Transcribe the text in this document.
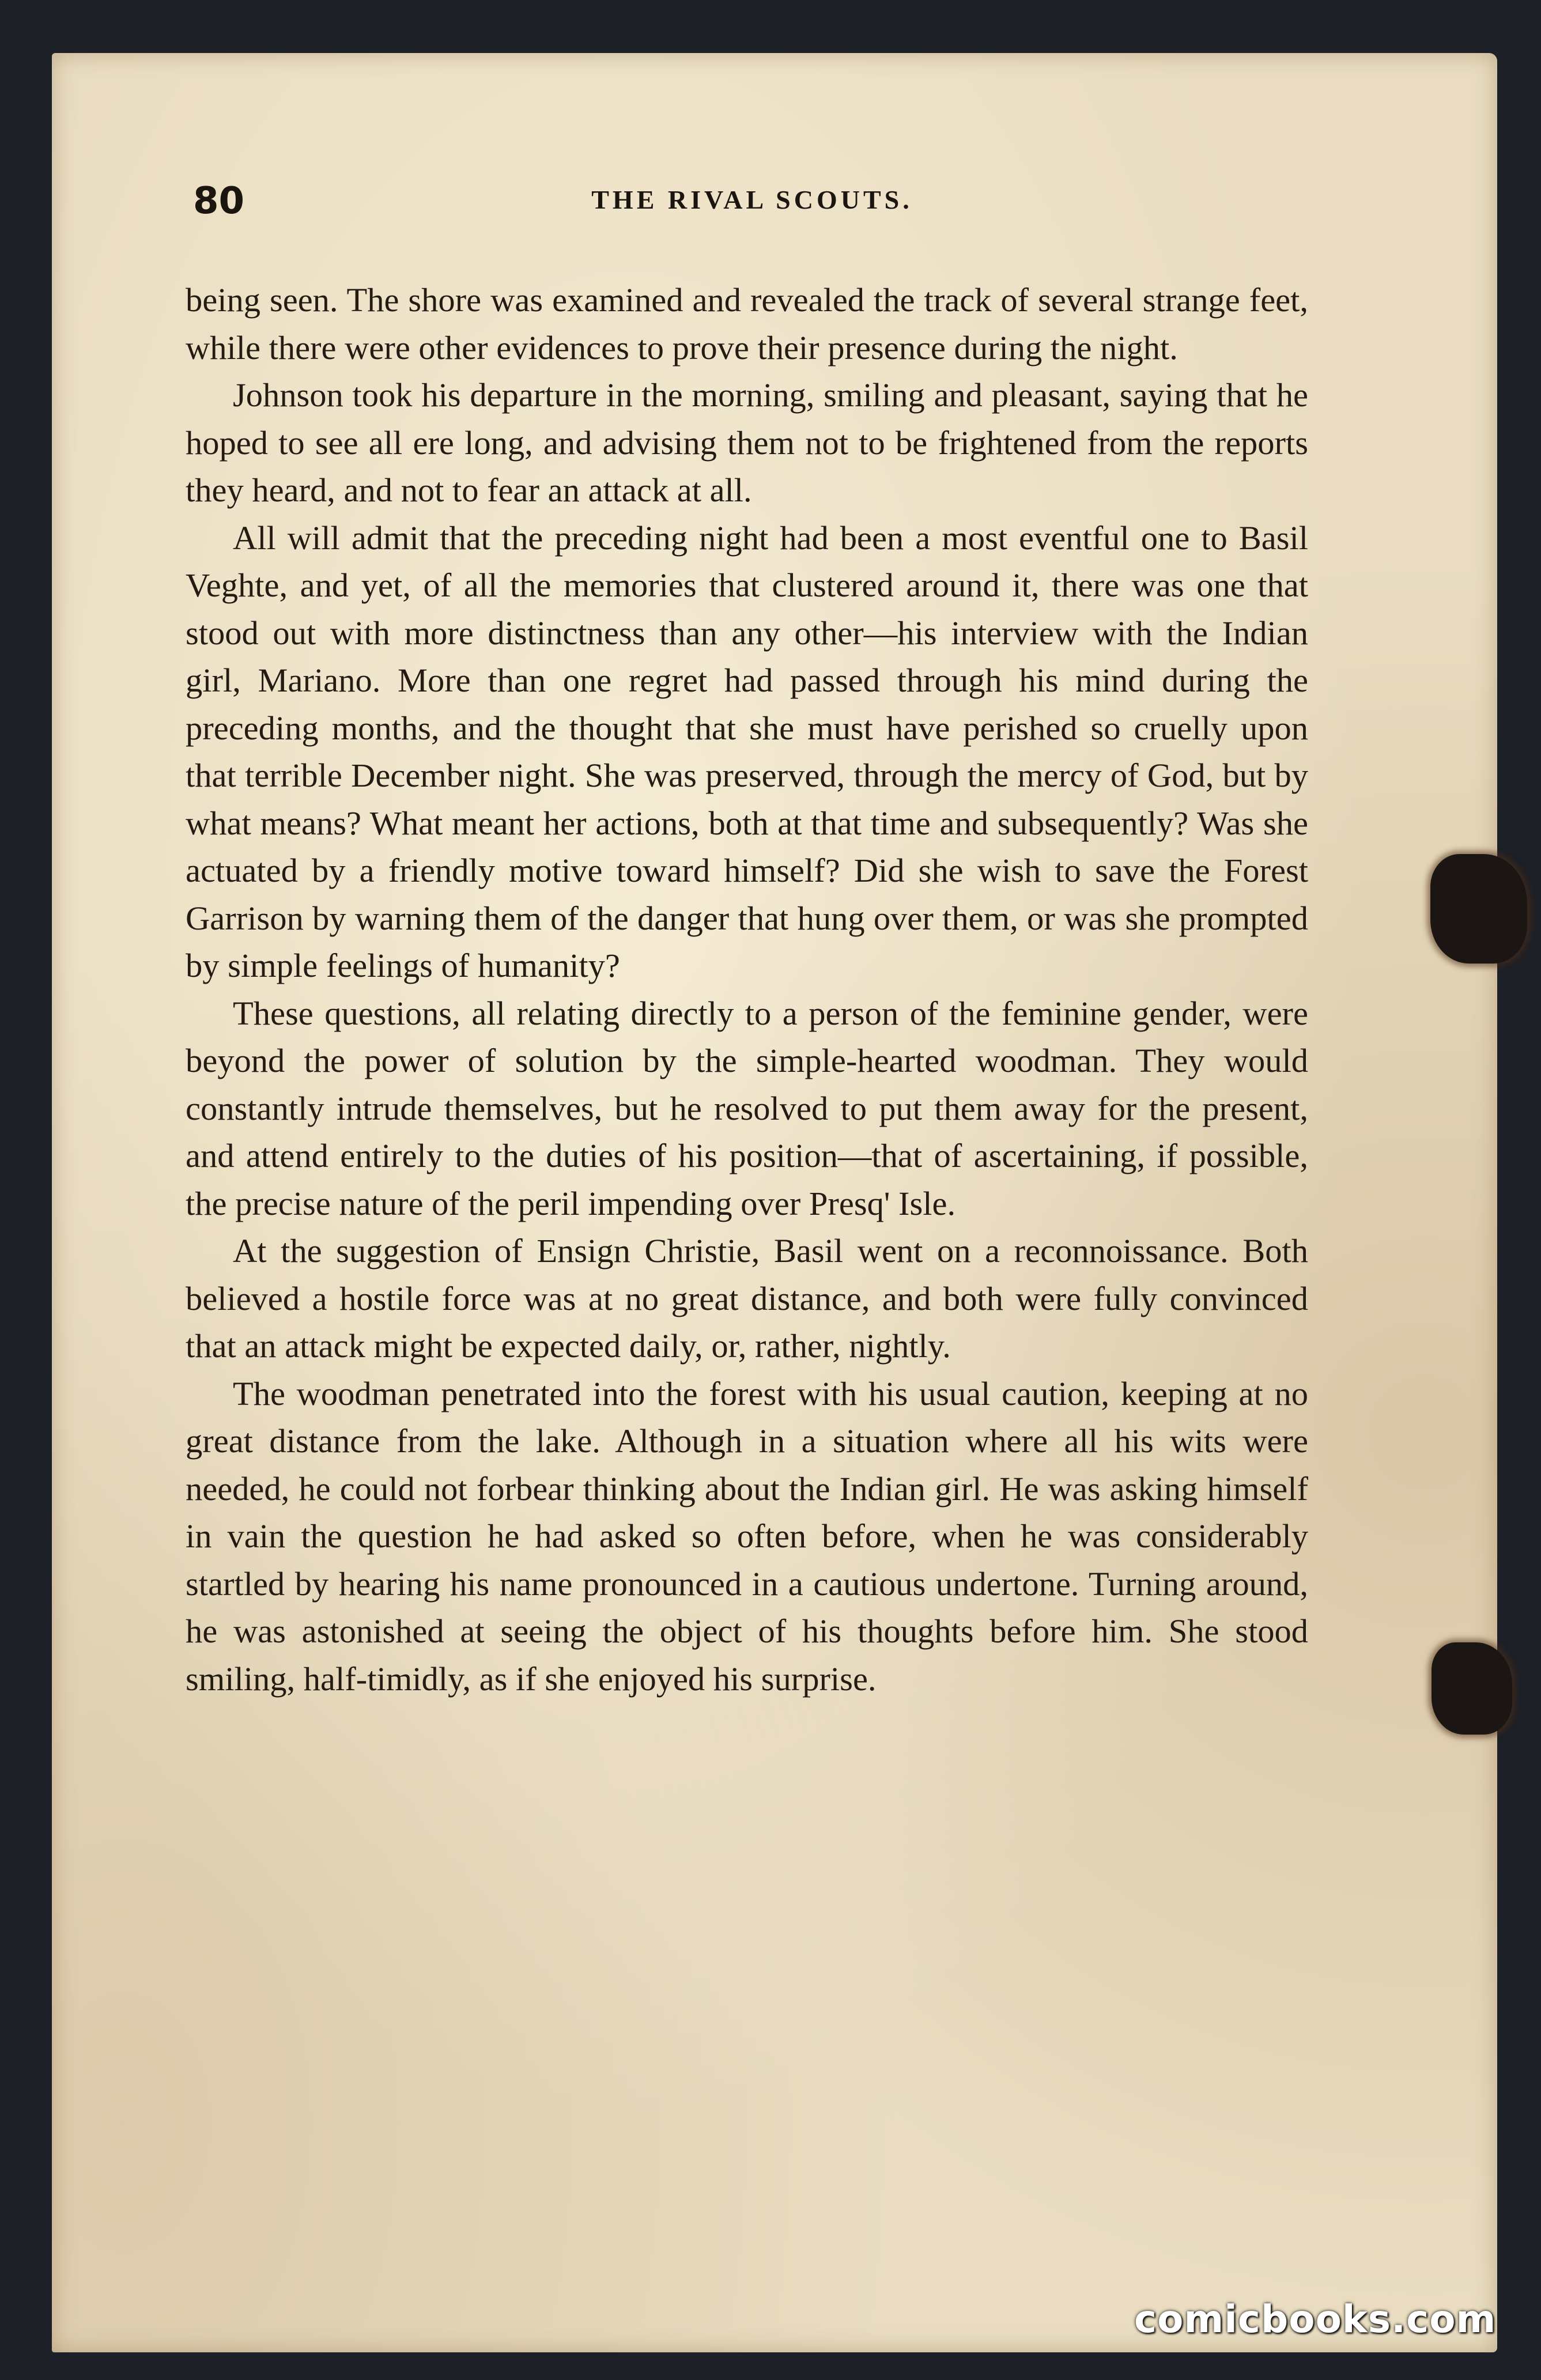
80	THE RIVAL SCOUTS.

being seen. The shore was examined and revealed the track of several strange feet, while there were other evidences to prove their presence during the night.

Johnson took his departure in the morning, smiling and pleasant, saying that he hoped to see all ere long, and advising them not to be frightened from the reports they heard, and not to fear an attack at all.

All will admit that the preceding night had been a most eventful one to Basil Veghte, and yet, of all the memories that clustered around it, there was one that stood out with more distinctness than any other—his interview with the Indian girl, Mariano. More than one regret had passed through his mind during the preceding months, and the thought that she must have perished so cruelly upon that terrible December night. She was preserved, through the mercy of God, but by what means? What meant her actions, both at that time and subsequently? Was she actuated by a friendly motive toward himself? Did she wish to save the Forest Garrison by warning them of the danger that hung over them, or was she prompted by simple feelings of humanity?

These questions, all relating directly to a person of the feminine gender, were beyond the power of solution by the simple-hearted woodman. They would constantly intrude themselves, but he resolved to put them away for the present, and attend entirely to the duties of his position—that of ascertaining, if possible, the precise nature of the peril impending over Presq' Isle.

At the suggestion of Ensign Christie, Basil went on a reconnoissance. Both believed a hostile force was at no great distance, and both were fully convinced that an attack might be expected daily, or, rather, nightly.

The woodman penetrated into the forest with his usual caution, keeping at no great distance from the lake. Although in a situation where all his wits were needed, he could not forbear thinking about the Indian girl. He was asking himself in vain the question he had asked so often before, when he was considerably startled by hearing his name pronounced in a cautious undertone. Turning around, he was astonished at seeing the object of his thoughts before him. She stood smiling, half-timidly, as if she enjoyed his surprise.

comicbooks.com
